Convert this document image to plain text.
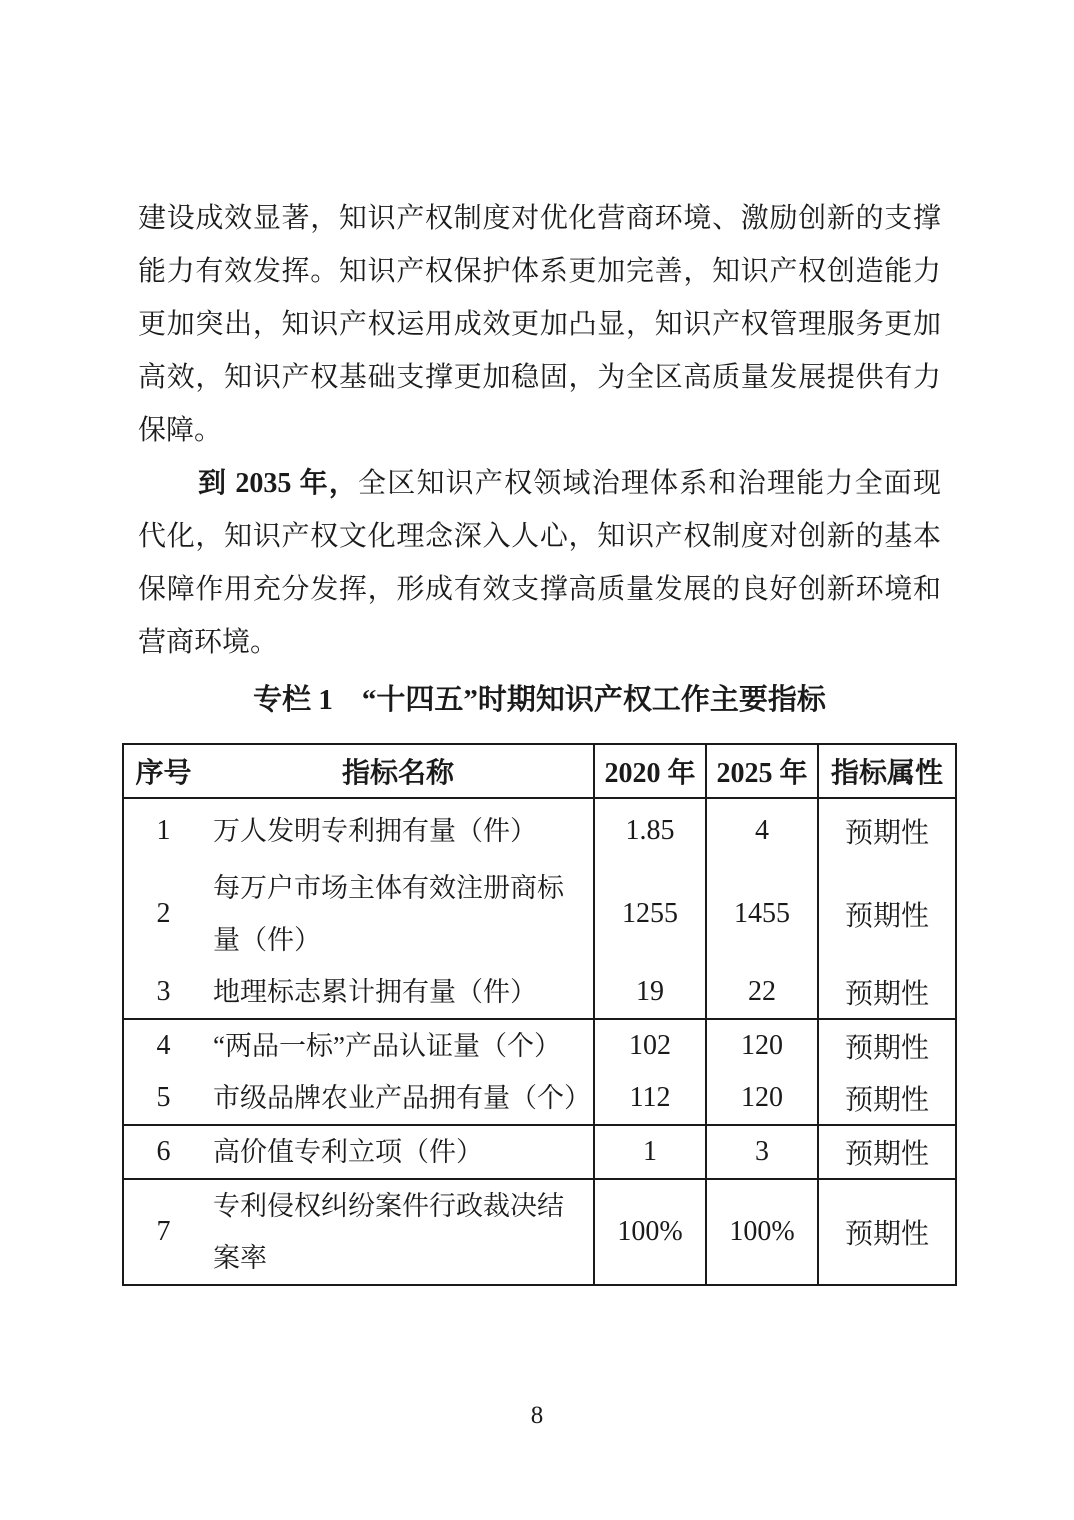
建设成效显著，知识产权制度对优化营商环境、激励创新的支撑
能力有效发挥。知识产权保护体系更加完善，知识产权创造能力
更加突出，知识产权运用成效更加凸显，知识产权管理服务更加
高效，知识产权基础支撑更加稳固，为全区高质量发展提供有力
保障。
到 2035 年，全区知识产权领域治理体系和治理能力全面现
代化，知识产权文化理念深入人心，知识产权制度对创新的基本
保障作用充分发挥，形成有效支撑高质量发展的良好创新环境和
营商环境。
专栏 1　“十四五”时期知识产权工作主要指标
序号	指标名称	2020 年	2025 年	指标属性
1	万人发明专利拥有量（件）	1.85	4	预期性
2	每万户市场主体有效注册商标
量（件）	1255	1455	预期性
3	地理标志累计拥有量（件）	19	22	预期性
4	“两品一标”产品认证量（个）	102	120	预期性
5	市级品牌农业产品拥有量（个）	112	120	预期性
6	高价值专利立项（件）	1	3	预期性
7	专利侵权纠纷案件行政裁决结
案率	100%	100%	预期性
8
